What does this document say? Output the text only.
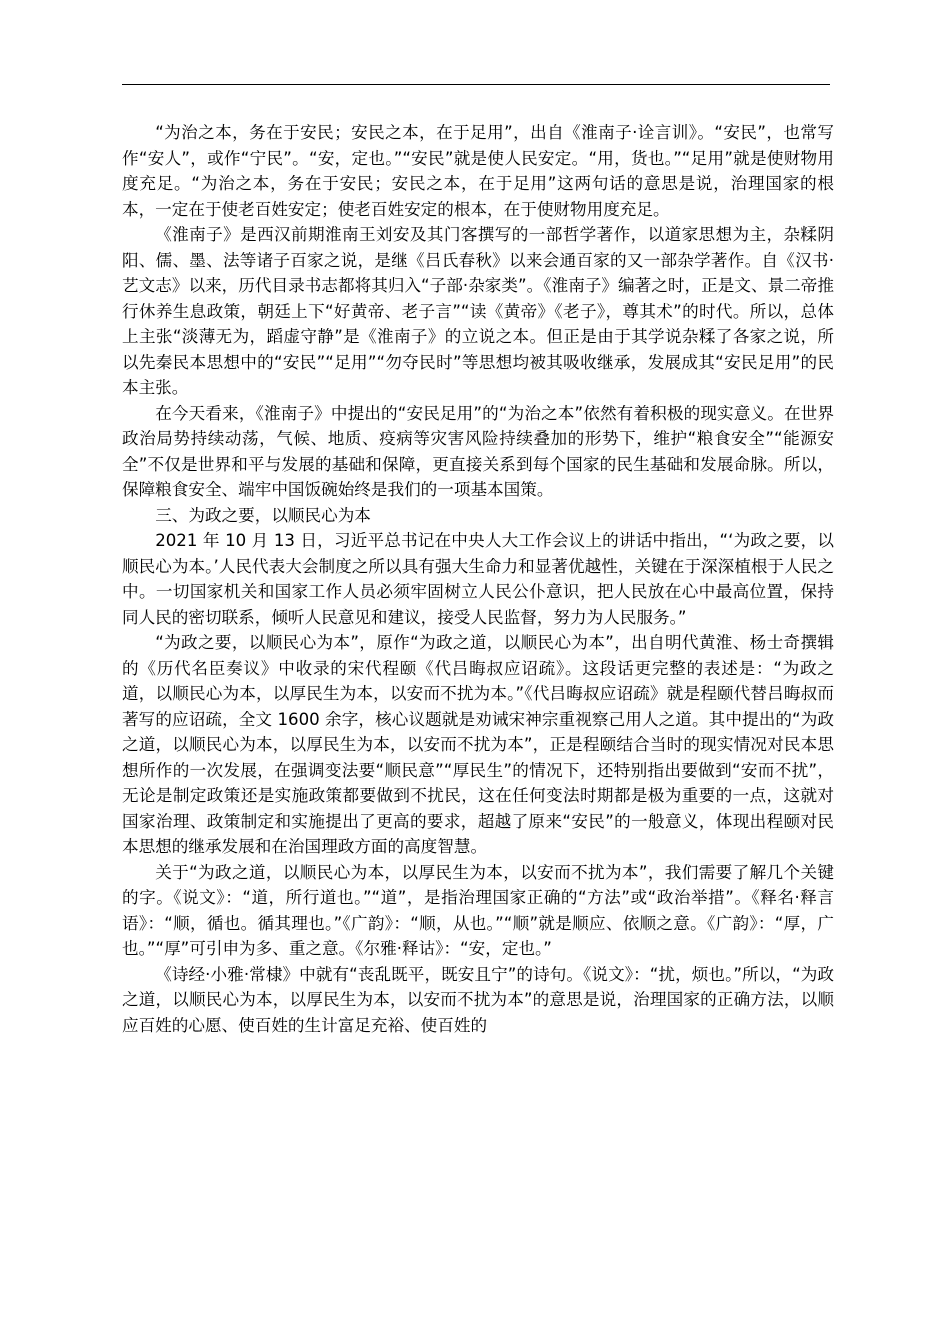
“为治之本，务在于安民；安民之本，在于足用”，出自《淮南子·诠言训》。“安民”，也常写作“安人”，或作“宁民”。“安，定也。”“安民”就是使人民安定。“用，货也。”“足用”就是使财物用度充足。“为治之本，务在于安民；安民之本，在于足用”这两句话的意思是说，治理国家的根本，一定在于使老百姓安定；使老百姓安定的根本，在于使财物用度充足。

《淮南子》是西汉前期淮南王刘安及其门客撰写的一部哲学著作，以道家思想为主，杂糅阴阳、儒、墨、法等诸子百家之说，是继《吕氏春秋》以来会通百家的又一部杂学著作。自《汉书·艺文志》以来，历代目录书志都将其归入“子部·杂家类”。《淮南子》编著之时，正是文、景二帝推行休养生息政策，朝廷上下“好黄帝、老子言”“读《黄帝》《老子》，尊其术”的时代。所以，总体上主张“淡薄无为，蹈虚守静”是《淮南子》的立说之本。但正是由于其学说杂糅了各家之说，所以先秦民本思想中的“安民”“足用”“勿夺民时”等思想均被其吸收继承，发展成其“安民足用”的民本主张。

在今天看来，《淮南子》中提出的“安民足用”的“为治之本”依然有着积极的现实意义。在世界政治局势持续动荡，气候、地质、疫病等灾害风险持续叠加的形势下，维护“粮食安全”“能源安全”不仅是世界和平与发展的基础和保障，更直接关系到每个国家的民生基础和发展命脉。所以，保障粮食安全、端牢中国饭碗始终是我们的一项基本国策。

三、为政之要，以顺民心为本

2021 年 10 月 13 日，习近平总书记在中央人大工作会议上的讲话中指出，“‘为政之要，以顺民心为本。’人民代表大会制度之所以具有强大生命力和显著优越性，关键在于深深植根于人民之中。一切国家机关和国家工作人员必须牢固树立人民公仆意识，把人民放在心中最高位置，保持同人民的密切联系，倾听人民意见和建议，接受人民监督，努力为人民服务。”

“为政之要，以顺民心为本”，原作“为政之道，以顺民心为本”，出自明代黄淮、杨士奇撰辑的《历代名臣奏议》中收录的宋代程颐《代吕晦叔应诏疏》。这段话更完整的表述是：“为政之道，以顺民心为本，以厚民生为本，以安而不扰为本。”《代吕晦叔应诏疏》就是程颐代替吕晦叔而著写的应诏疏，全文 1600 余字，核心议题就是劝诫宋神宗重视察己用人之道。其中提出的“为政之道，以顺民心为本，以厚民生为本，以安而不扰为本”，正是程颐结合当时的现实情况对民本思想所作的一次发展，在强调变法要“顺民意”“厚民生”的情况下，还特别指出要做到“安而不扰”，无论是制定政策还是实施政策都要做到不扰民，这在任何变法时期都是极为重要的一点，这就对国家治理、政策制定和实施提出了更高的要求，超越了原来“安民”的一般意义，体现出程颐对民本思想的继承发展和在治国理政方面的高度智慧。

关于“为政之道，以顺民心为本，以厚民生为本，以安而不扰为本”，我们需要了解几个关键的字。《说文》：“道，所行道也。”“道”，是指治理国家正确的“方法”或“政治举措”。《释名·释言语》：“顺，循也。循其理也。”《广韵》：“顺，从也。”“顺”就是顺应、依顺之意。《广韵》：“厚，广也。”“厚”可引申为多、重之意。《尔雅·释诂》：“安，定也。”

《诗经·小雅·常棣》中就有“丧乱既平，既安且宁”的诗句。《说文》：“扰，烦也。”所以，“为政之道，以顺民心为本，以厚民生为本，以安而不扰为本”的意思是说，治理国家的正确方法，以顺应百姓的心愿、使百姓的生计富足充裕、使百姓的
